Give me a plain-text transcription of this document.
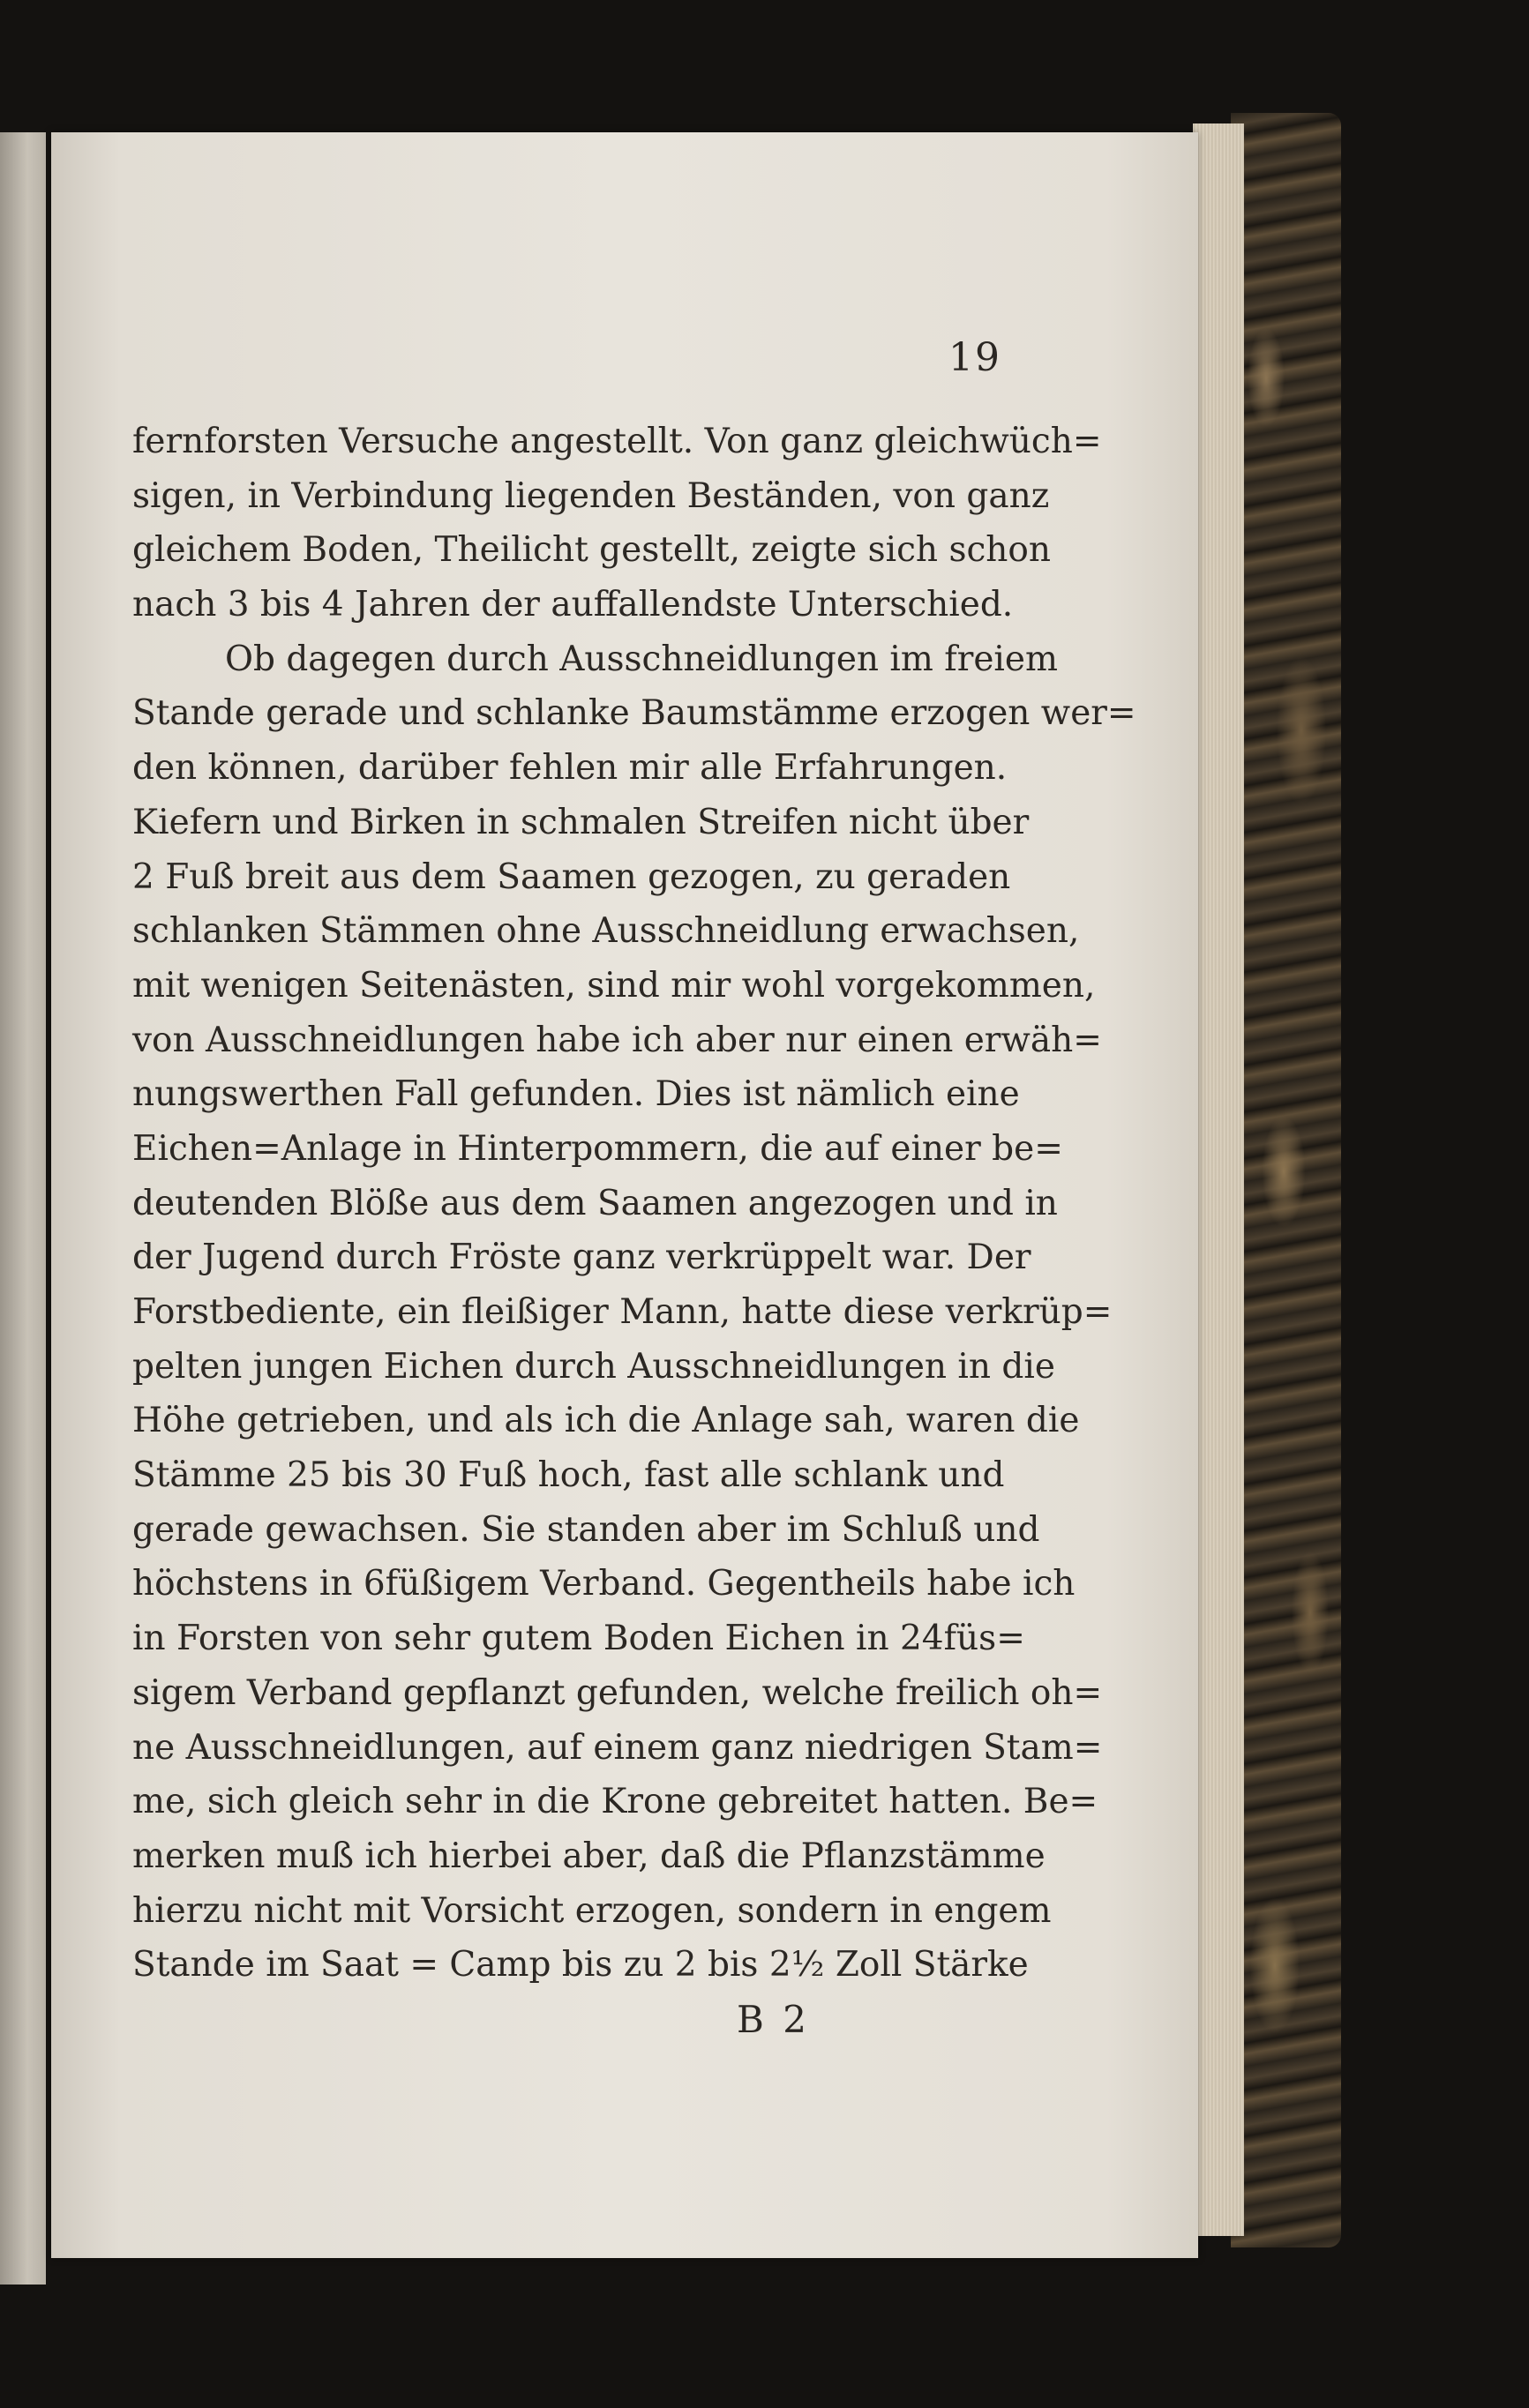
19
fernforsten Versuche angestellt. Von ganz gleichwüch=
sigen, in Verbindung liegenden Beständen, von ganz
gleichem Boden, Theilicht gestellt, zeigte sich schon
nach 3 bis 4 Jahren der auffallendste Unterschied.
Ob dagegen durch Ausschneidlungen im freiem
Stande gerade und schlanke Baumstämme erzogen wer=
den können, darüber fehlen mir alle Erfahrungen.
Kiefern und Birken in schmalen Streifen nicht über
2 Fuß breit aus dem Saamen gezogen, zu geraden
schlanken Stämmen ohne Ausschneidlung erwachsen,
mit wenigen Seitenästen, sind mir wohl vorgekommen,
von Ausschneidlungen habe ich aber nur einen erwäh=
nungswerthen Fall gefunden. Dies ist nämlich eine
Eichen=Anlage in Hinterpommern, die auf einer be=
deutenden Blöße aus dem Saamen angezogen und in
der Jugend durch Fröste ganz verkrüppelt war. Der
Forstbediente, ein fleißiger Mann, hatte diese verkrüp=
pelten jungen Eichen durch Ausschneidlungen in die
Höhe getrieben, und als ich die Anlage sah, waren die
Stämme 25 bis 30 Fuß hoch, fast alle schlank und
gerade gewachsen. Sie standen aber im Schluß und
höchstens in 6füßigem Verband. Gegentheils habe ich
in Forsten von sehr gutem Boden Eichen in 24füs=
sigem Verband gepflanzt gefunden, welche freilich oh=
ne Ausschneidlungen, auf einem ganz niedrigen Stam=
me, sich gleich sehr in die Krone gebreitet hatten. Be=
merken muß ich hierbei aber, daß die Pflanzstämme
hierzu nicht mit Vorsicht erzogen, sondern in engem
Stande im Saat = Camp bis zu 2 bis 2½ Zoll Stärke
B 2
